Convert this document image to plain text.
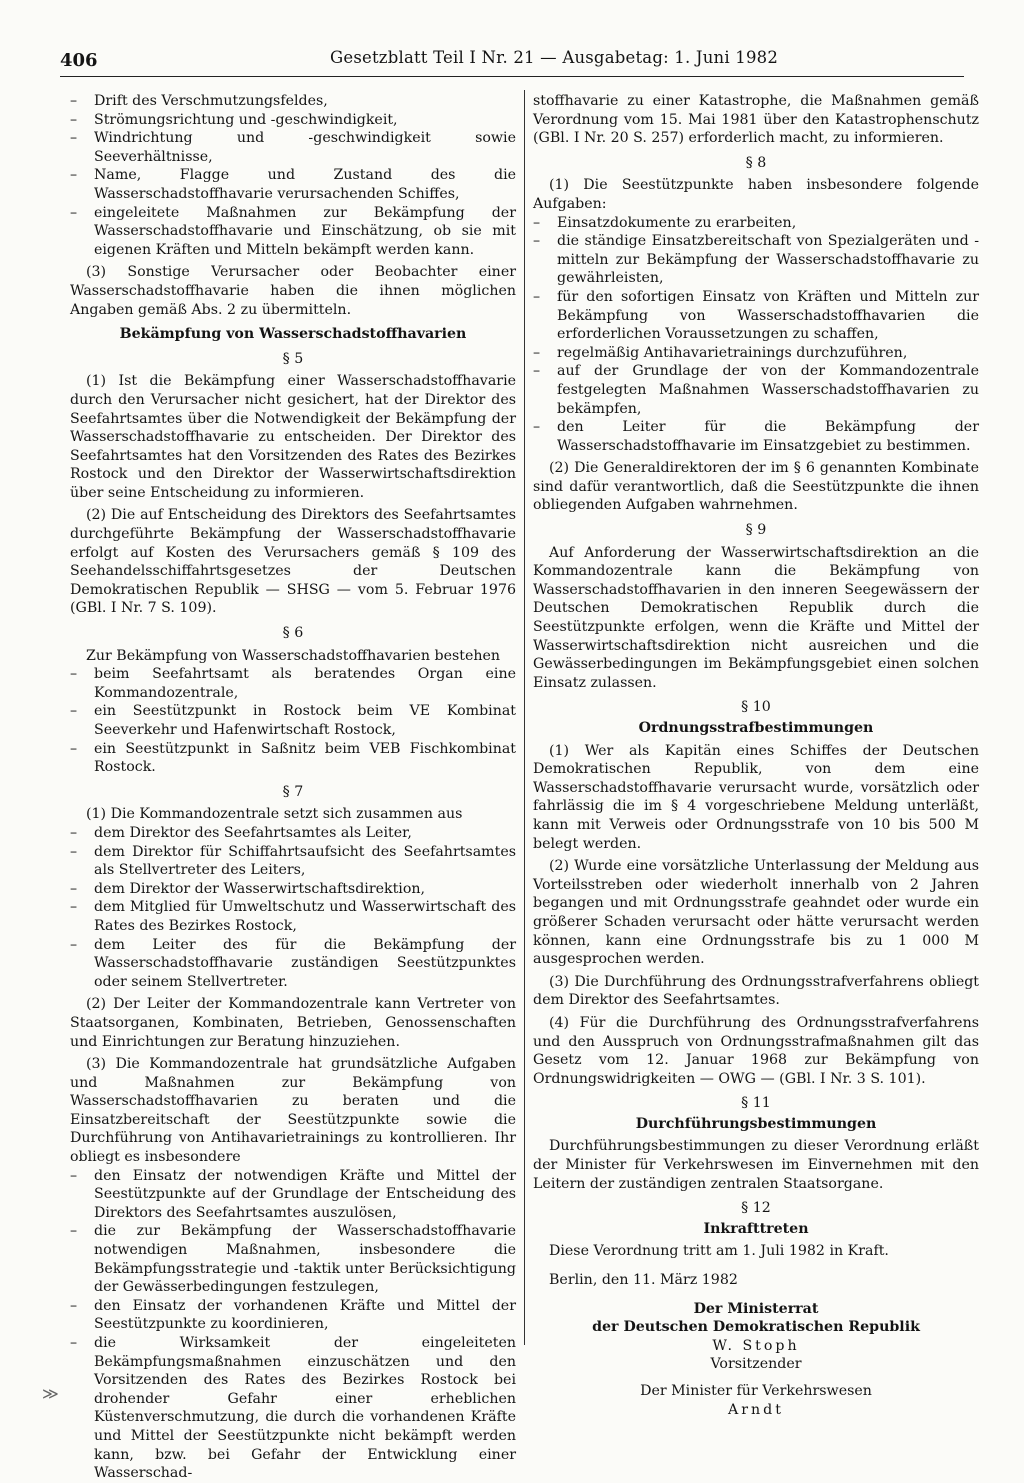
406	Gesetzblatt Teil I Nr. 21 — Ausgabetag: 1. Juni 1982

– Drift des Verschmutzungsfeldes,

– Strömungsrichtung und -geschwindigkeit,

– Windrichtung und -geschwindigkeit sowie Seeverhältnisse,

– Name, Flagge und Zustand des die Wasserschadstoffhavarie verursachenden Schiffes,

– eingeleitete Maßnahmen zur Bekämpfung der Wasserschadstoffhavarie und Einschätzung, ob sie mit eigenen Kräften und Mitteln bekämpft werden kann.

(3) Sonstige Verursacher oder Beobachter einer Wasserschadstoffhavarie haben die ihnen möglichen Angaben gemäß Abs. 2 zu übermitteln.

Bekämpfung von Wasserschadstoffhavarien

§ 5

(1) Ist die Bekämpfung einer Wasserschadstoffhavarie durch den Verursacher nicht gesichert, hat der Direktor des Seefahrtsamtes über die Notwendigkeit der Bekämpfung der Wasserschadstoffhavarie zu entscheiden. Der Direktor des Seefahrtsamtes hat den Vorsitzenden des Rates des Bezirkes Rostock und den Direktor der Wasserwirtschaftsdirektion über seine Entscheidung zu informieren.

(2) Die auf Entscheidung des Direktors des Seefahrtsamtes durchgeführte Bekämpfung der Wasserschadstoffhavarie erfolgt auf Kosten des Verursachers gemäß § 109 des Seehandelsschiffahrtsgesetzes der Deutschen Demokratischen Republik — SHSG — vom 5. Februar 1976 (GBl. I Nr. 7 S. 109).

§ 6

Zur Bekämpfung von Wasserschadstoffhavarien bestehen

– beim Seefahrtsamt als beratendes Organ eine Kommandozentrale,

– ein Seestützpunkt in Rostock beim VE Kombinat Seeverkehr und Hafenwirtschaft Rostock,

– ein Seestützpunkt in Saßnitz beim VEB Fischkombinat Rostock.

§ 7

(1) Die Kommandozentrale setzt sich zusammen aus

– dem Direktor des Seefahrtsamtes als Leiter,

– dem Direktor für Schiffahrtsaufsicht des Seefahrtsamtes als Stellvertreter des Leiters,

– dem Direktor der Wasserwirtschaftsdirektion,

– dem Mitglied für Umweltschutz und Wasserwirtschaft des Rates des Bezirkes Rostock,

– dem Leiter des für die Bekämpfung der Wasserschadstoffhavarie zuständigen Seestützpunktes oder seinem Stellvertreter.

(2) Der Leiter der Kommandozentrale kann Vertreter von Staatsorganen, Kombinaten, Betrieben, Genossenschaften und Einrichtungen zur Beratung hinzuziehen.

(3) Die Kommandozentrale hat grundsätzliche Aufgaben und Maßnahmen zur Bekämpfung von Wasserschadstoffhavarien zu beraten und die Einsatzbereitschaft der Seestützpunkte sowie die Durchführung von Antihavarietrainings zu kontrollieren. Ihr obliegt es insbesondere

– den Einsatz der notwendigen Kräfte und Mittel der Seestützpunkte auf der Grundlage der Entscheidung des Direktors des Seefahrtsamtes auszulösen,

– die zur Bekämpfung der Wasserschadstoffhavarie notwendigen Maßnahmen, insbesondere die Bekämpfungsstrategie und -taktik unter Berücksichtigung der Gewässerbedingungen festzulegen,

– den Einsatz der vorhandenen Kräfte und Mittel der Seestützpunkte zu koordinieren,

– die Wirksamkeit der eingeleiteten Bekämpfungsmaßnahmen einzuschätzen und den Vorsitzenden des Rates des Bezirkes Rostock bei drohender Gefahr einer erheblichen Küstenverschmutzung, die durch die vorhandenen Kräfte und Mittel der Seestützpunkte nicht bekämpft werden kann, bzw. bei Gefahr der Entwicklung einer Wasserschad-

stoffhavarie zu einer Katastrophe, die Maßnahmen gemäß Verordnung vom 15. Mai 1981 über den Katastrophenschutz (GBl. I Nr. 20 S. 257) erforderlich macht, zu informieren.

§ 8

(1) Die Seestützpunkte haben insbesondere folgende Aufgaben:

– Einsatzdokumente zu erarbeiten,

– die ständige Einsatzbereitschaft von Spezialgeräten und -mitteln zur Bekämpfung der Wasserschadstoffhavarie zu gewährleisten,

– für den sofortigen Einsatz von Kräften und Mitteln zur Bekämpfung von Wasserschadstoffhavarien die erforderlichen Voraussetzungen zu schaffen,

– regelmäßig Antihavarietrainings durchzuführen,

– auf der Grundlage der von der Kommandozentrale festgelegten Maßnahmen Wasserschadstoffhavarien zu bekämpfen,

– den Leiter für die Bekämpfung der Wasserschadstoffhavarie im Einsatzgebiet zu bestimmen.

(2) Die Generaldirektoren der im § 6 genannten Kombinate sind dafür verantwortlich, daß die Seestützpunkte die ihnen obliegenden Aufgaben wahrnehmen.

§ 9

Auf Anforderung der Wasserwirtschaftsdirektion an die Kommandozentrale kann die Bekämpfung von Wasserschadstoffhavarien in den inneren Seegewässern der Deutschen Demokratischen Republik durch die Seestützpunkte erfolgen, wenn die Kräfte und Mittel der Wasserwirtschaftsdirektion nicht ausreichen und die Gewässerbedingungen im Bekämpfungsgebiet einen solchen Einsatz zulassen.

§ 10

Ordnungsstrafbestimmungen

(1) Wer als Kapitän eines Schiffes der Deutschen Demokratischen Republik, von dem eine Wasserschadstoffhavarie verursacht wurde, vorsätzlich oder fahrlässig die im § 4 vorgeschriebene Meldung unterläßt, kann mit Verweis oder Ordnungsstrafe von 10 bis 500 M belegt werden.

(2) Wurde eine vorsätzliche Unterlassung der Meldung aus Vorteilsstreben oder wiederholt innerhalb von 2 Jahren begangen und mit Ordnungsstrafe geahndet oder wurde ein größerer Schaden verursacht oder hätte verursacht werden können, kann eine Ordnungsstrafe bis zu 1 000 M ausgesprochen werden.

(3) Die Durchführung des Ordnungsstrafverfahrens obliegt dem Direktor des Seefahrtsamtes.

(4) Für die Durchführung des Ordnungsstrafverfahrens und den Ausspruch von Ordnungsstrafmaßnahmen gilt das Gesetz vom 12. Januar 1968 zur Bekämpfung von Ordnungswidrigkeiten — OWG — (GBl. I Nr. 3 S. 101).

§ 11

Durchführungsbestimmungen

Durchführungsbestimmungen zu dieser Verordnung erläßt der Minister für Verkehrswesen im Einvernehmen mit den Leitern der zuständigen zentralen Staatsorgane.

§ 12

Inkrafttreten

Diese Verordnung tritt am 1. Juli 1982 in Kraft.

Berlin, den 11. März 1982

Der Ministerrat

der Deutschen Demokratischen Republik

W. Stoph

Vorsitzender

Der Minister für Verkehrswesen

Arndt

≫
